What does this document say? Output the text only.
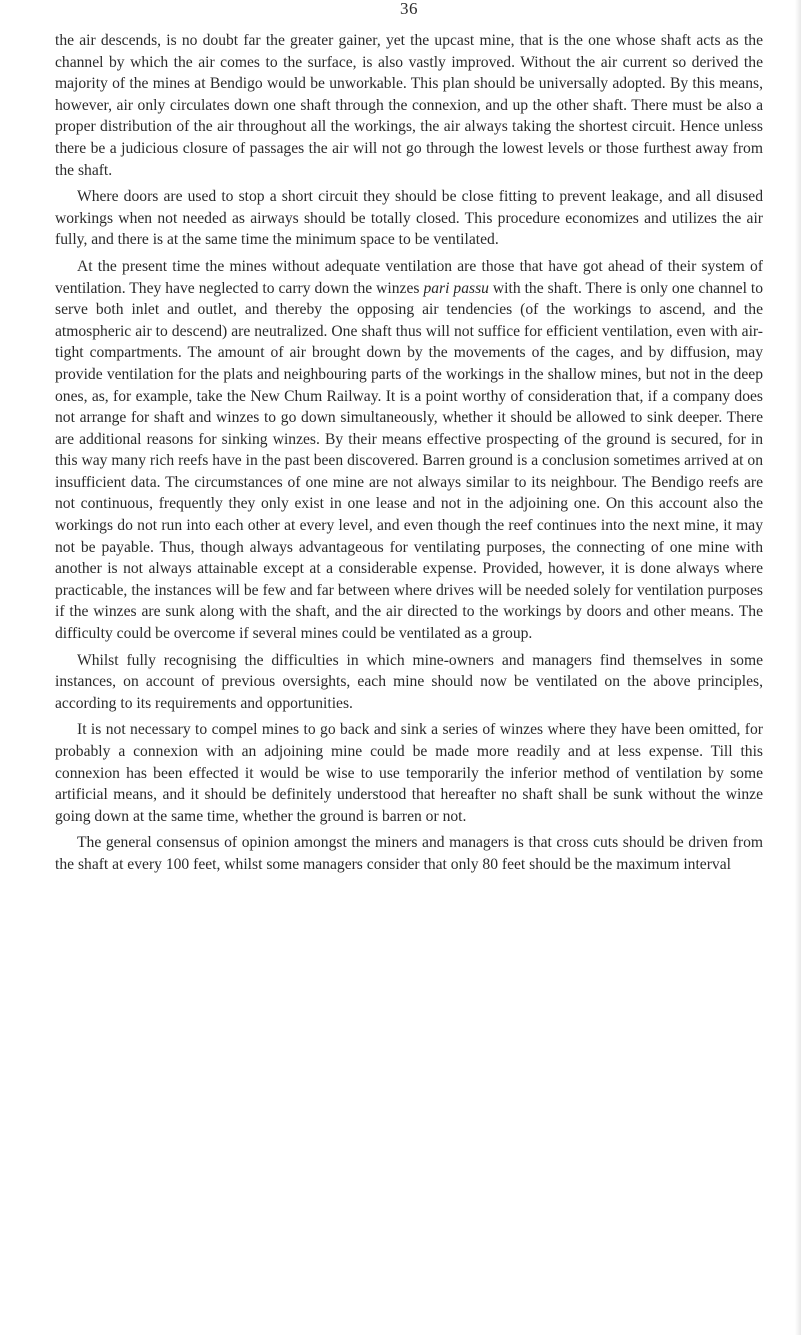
36

the air descends, is no doubt far the greater gainer, yet the upcast mine, that is the one whose shaft acts as the channel by which the air comes to the surface, is also vastly improved. Without the air current so derived the majority of the mines at Bendigo would be unworkable. This plan should be universally adopted. By this means, however, air only circulates down one shaft through the connexion, and up the other shaft. There must be also a proper distribution of the air throughout all the workings, the air always taking the shortest circuit. Hence unless there be a judicious closure of passages the air will not go through the lowest levels or those furthest away from the shaft.

Where doors are used to stop a short circuit they should be close fitting to prevent leakage, and all disused workings when not needed as airways should be totally closed. This procedure economizes and utilizes the air fully, and there is at the same time the minimum space to be ventilated.

At the present time the mines without adequate ventilation are those that have got ahead of their system of ventilation. They have neglected to carry down the winzes pari passu with the shaft. There is only one channel to serve both inlet and outlet, and thereby the opposing air tendencies (of the workings to ascend, and the atmospheric air to descend) are neutralized. One shaft thus will not suffice for efficient ventilation, even with air-tight compartments. The amount of air brought down by the movements of the cages, and by diffusion, may provide ventilation for the plats and neighbouring parts of the workings in the shallow mines, but not in the deep ones, as, for example, take the New Chum Railway. It is a point worthy of consideration that, if a company does not arrange for shaft and winzes to go down simultaneously, whether it should be allowed to sink deeper. There are additional reasons for sinking winzes. By their means effective prospecting of the ground is secured, for in this way many rich reefs have in the past been discovered. Barren ground is a conclusion sometimes arrived at on insufficient data. The circumstances of one mine are not always similar to its neighbour. The Bendigo reefs are not continuous, frequently they only exist in one lease and not in the adjoining one. On this account also the workings do not run into each other at every level, and even though the reef continues into the next mine, it may not be payable. Thus, though always advantageous for ventilating purposes, the connecting of one mine with another is not always attainable except at a considerable expense. Provided, however, it is done always where practicable, the instances will be few and far between where drives will be needed solely for ventilation purposes if the winzes are sunk along with the shaft, and the air directed to the workings by doors and other means. The difficulty could be overcome if several mines could be ventilated as a group.

Whilst fully recognising the difficulties in which mine-owners and managers find themselves in some instances, on account of previous oversights, each mine should now be ventilated on the above principles, according to its requirements and opportunities.

It is not necessary to compel mines to go back and sink a series of winzes where they have been omitted, for probably a connexion with an adjoining mine could be made more readily and at less expense. Till this connexion has been effected it would be wise to use temporarily the inferior method of ventilation by some artificial means, and it should be definitely understood that hereafter no shaft shall be sunk without the winze going down at the same time, whether the ground is barren or not.

The general consensus of opinion amongst the miners and managers is that cross cuts should be driven from the shaft at every 100 feet, whilst some managers consider that only 80 feet should be the maximum interval
